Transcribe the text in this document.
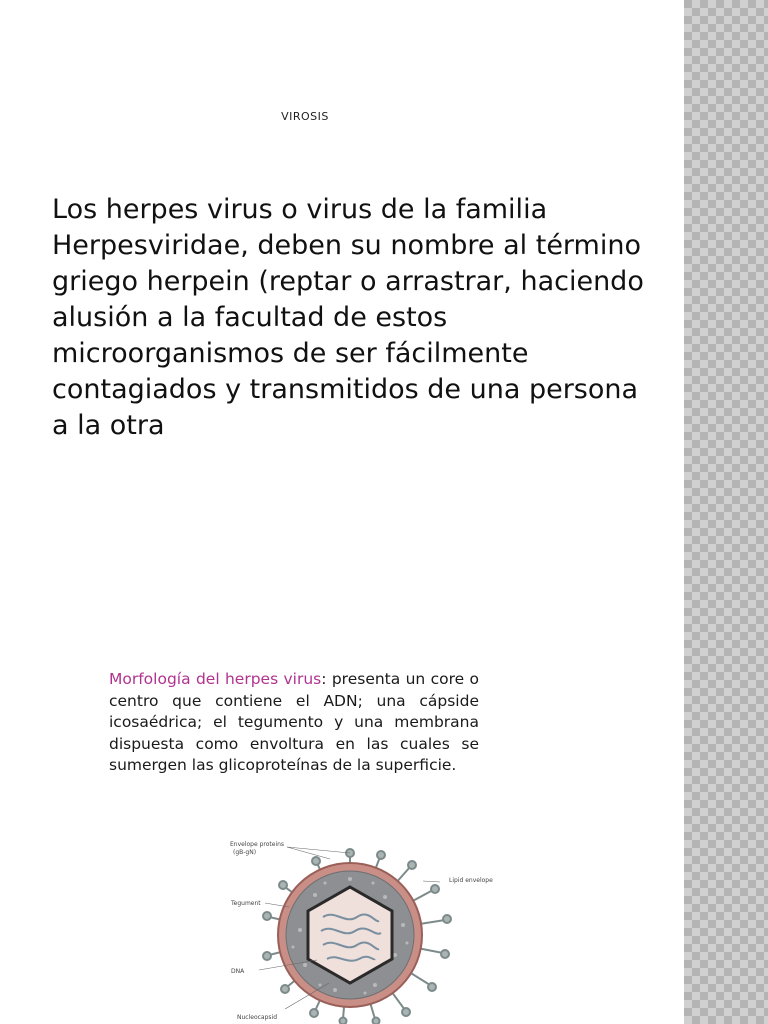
VIROSIS
Los herpes virus o virus de la familia Herpesviridae, deben su nombre al término griego herpein (reptar o arrastrar, haciendo alusión a la facultad de estos microorganismos de ser fácilmente contagiados y transmitidos de una persona a la otra
Morfología del herpes virus: presenta un core o centro que contiene el ADN; una cápside icosaédrica; el tegumento y una membrana dispuesta como envoltura en las cuales se sumergen las glicoproteínas de la superficie.
Envelope proteins
(gB-gN)
Lipid envelope
Tegument
DNA
Nucleocapsid
